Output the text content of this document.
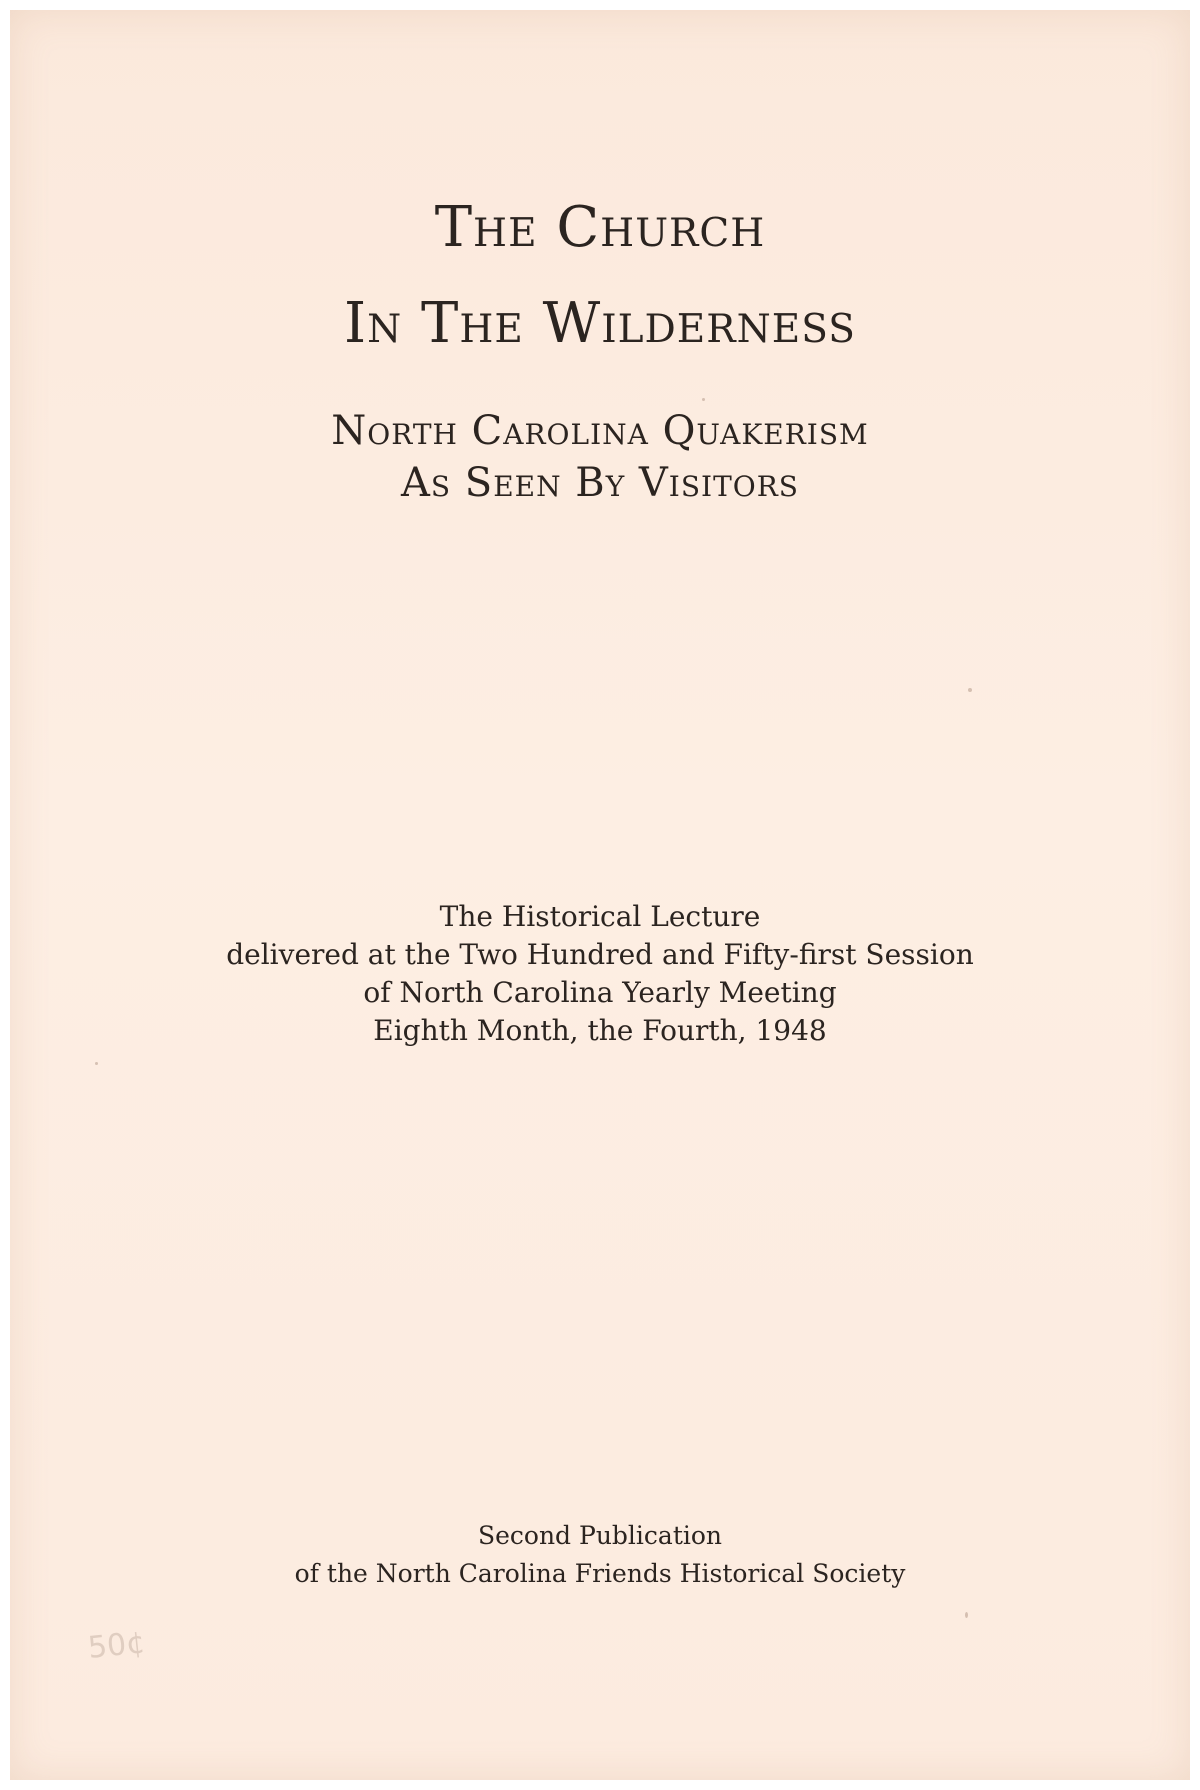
The Church
In The Wilderness
North Carolina Quakerism
As Seen By Visitors
The Historical Lecture
delivered at the Two Hundred and Fifty-first Session
of North Carolina Yearly Meeting
Eighth Month, the Fourth, 1948
Second Publication
of the North Carolina Friends Historical Society
50¢
